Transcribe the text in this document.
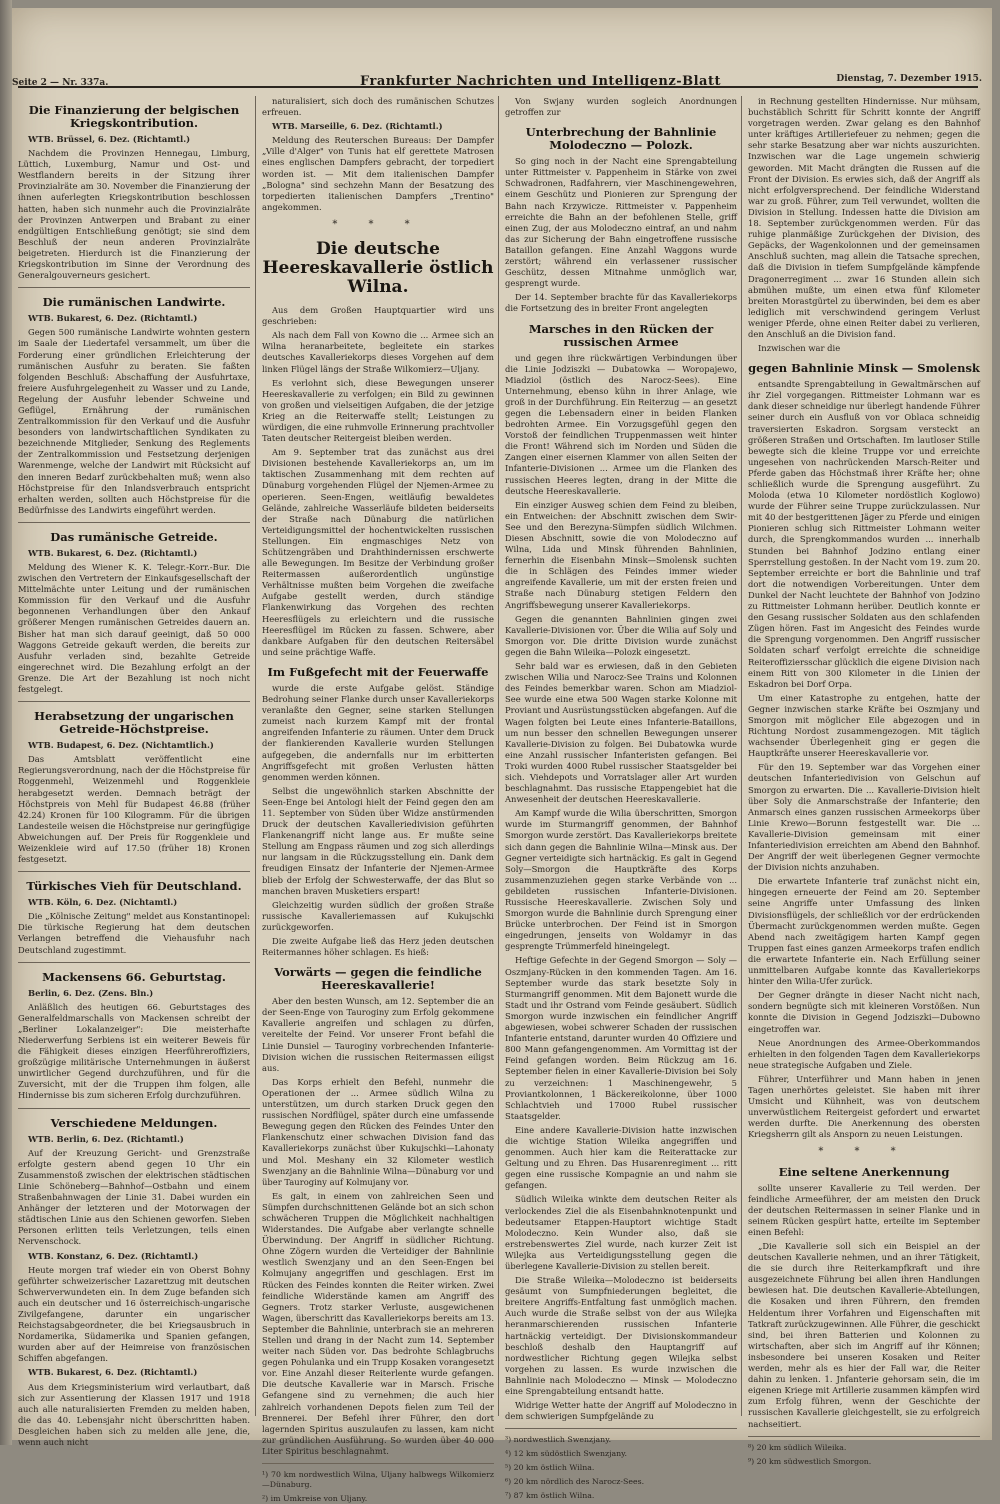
Seite 2 — Nr. 337a.	Frankfurter Nachrichten und Intelligenz-Blatt	Dienstag, 7. Dezember 1915.
Die Finanzierung der belgischen Kriegskontribution.

WTB. Brüssel, 6. Dez. (Richtamtl.)

Nachdem die Provinzen Hennegau, Limburg, Lüttich, Luxemburg, Namur und Ost- und Westflandern bereits in der Sitzung ihrer Provinzialräte am 30. November die Finanzierung der ihnen auferlegten Kriegskontribution beschlossen hatten, haben sich nunmehr auch die Provinzialräte der Provinzen Antwerpen und Brabant zu einer endgültigen Entschließung genötigt; sie sind dem Beschluß der neun anderen Provinzialräte beigetreten. Hierdurch ist die Finanzierung der Kriegskontribution im Sinne der Verordnung des Generalgouverneurs gesichert.

Die rumänischen Landwirte.

WTB. Bukarest, 6. Dez. (Richtamtl.)

Gegen 500 rumänische Landwirte wohnten gestern im Saale der Liedertafel versammelt, um über die Forderung einer gründlichen Erleichterung der rumänischen Ausfuhr zu beraten. Sie faßten folgenden Beschluß: Abschaffung der Ausfuhrtaxe, freiere Ausfuhrgelegenheit zu Wasser und zu Lande, Regelung der Ausfuhr lebender Schweine und Geflügel, Ernährung der rumänischen Zentralkommission für den Verkauf und die Ausfuhr besonders von landwirtschaftlichen Syndikaten zu bezeichnende Mitglieder, Senkung des Reglements der Zentralkommission und Festsetzung derjenigen Warenmenge, welche der Landwirt mit Rücksicht auf den inneren Bedarf zurückbehalten muß; wenn also Höchstpreise für den Inlandsverbrauch entspricht erhalten werden, sollten auch Höchstpreise für die Bedürfnisse des Landwirts eingeführt werden.

Das rumänische Getreide.

WTB. Bukarest, 6. Dez. (Richtamtl.)

Meldung des Wiener K. K. Telegr.-Korr.-Bur. Die zwischen den Vertretern der Einkaufsgesellschaft der Mittelmächte unter Leitung und der rumänischen Kommission für den Verkauf und die Ausfuhr begonnenen Verhandlungen über den Ankauf größerer Mengen rumänischen Getreides dauern an. Bisher hat man sich darauf geeinigt, daß 50 000 Waggons Getreide gekauft werden, die bereits zur Ausfuhr verladen sind, bezahlte Getreide eingerechnet wird. Die Bezahlung erfolgt an der Grenze. Die Art der Bezahlung ist noch nicht festgelegt.

Herabsetzung der ungarischen Getreide-Höchstpreise.

WTB. Budapest, 6. Dez. (Nichtamtlich.)

Das Amtsblatt veröffentlicht eine Regierungsverordnung, nach der die Höchstpreise für Roggenmehl, Weizenmehl und Roggenkleie herabgesetzt werden. Demnach beträgt der Höchstpreis von Mehl für Budapest 46.88 (früher 42.24) Kronen für 100 Kilogramm. Für die übrigen Landesteile weisen die Höchstpreise nur geringfügige Abweichungen auf. Der Preis für Roggenkleie und Weizenkleie wird auf 17.50 (früher 18) Kronen festgesetzt.

Türkisches Vieh für Deutschland.

WTB. Köln, 6. Dez. (Nichtamtl.)

Die „Kölnische Zeitung" meldet aus Konstantinopel: Die türkische Regierung hat dem deutschen Verlangen betreffend die Viehausfuhr nach Deutschland zugestimmt.

Mackensens 66. Geburtstag.

Berlin, 6. Dez. (Zens. Bln.)

Anläßlich des heutigen 66. Geburtstages des Generalfeldmarschalls von Mackensen schreibt der „Berliner Lokalanzeiger": Die meisterhafte Niederwerfung Serbiens ist ein weiterer Beweis für die Fähigkeit dieses einzigen Heerführeroffiziers, großzügige militärische Unternehmungen in äußerst unwirtlicher Gegend durchzuführen, und für die Zuversicht, mit der die Truppen ihm folgen, alle Hindernisse bis zum sicheren Erfolg durchzuführen.

Verschiedene Meldungen.

WTB. Berlin, 6. Dez. (Richtamtl.)

Auf der Kreuzung Gericht- und Grenzstraße erfolgte gestern abend gegen 10 Uhr ein Zusammenstoß zwischen der elektrischen städtischen Linie Schöneberg—Bahnhof—Ostbahn und einem Straßenbahnwagen der Linie 31. Dabei wurden ein Anhänger der letzteren und der Motorwagen der städtischen Linie aus den Schienen geworfen. Sieben Personen erlitten teils Verletzungen, teils einen Nervenschock.

WTB. Konstanz, 6. Dez. (Richtamtl.)

Heute morgen traf wieder ein von Oberst Bohny geführter schweizerischer Lazarettzug mit deutschen Schwerverwundeten ein. In dem Zuge befanden sich auch ein deutscher und 16 österreichisch-ungarische Zivilgefangene, darunter ein ungarischer Reichstagsabgeordneter, die bei Kriegsausbruch in Nordamerika, Südamerika und Spanien gefangen, wurden aber auf der Heimreise von französischen Schiffen abgefangen.

WTB. Bukarest, 6. Dez. (Richtamtl.)

Aus dem Kriegsministerium wird verlautbart, daß sich zur Assentierung der Klassen 1917 und 1918 auch alle naturalisierten Fremden zu melden haben, die das 40. Lebensjahr nicht überschritten haben. Desgleichen haben sich zu melden alle jene, die, wenn auch nicht

naturalisiert, sich doch des rumänischen Schutzes erfreuen.

WTB. Marseille, 6. Dez. (Richtamtl.)

Meldung des Reuterschen Bureaus: Der Dampfer „Ville d'Alger" von Tunis hat elf gerettete Matrosen eines englischen Dampfers gebracht, der torpediert worden ist. — Mit dem italienischen Dampfer „Bologna" sind sechzehn Mann der Besatzung des torpedierten italienischen Dampfers „Trentino" angekommen.

* * *
Die deutsche Heereskavallerie östlich Wilna.

Aus dem Großen Hauptquartier wird uns geschrieben:

Als nach dem Fall von Kowno die ... Armee sich an Wilna heranarbeitete, begleitete ein starkes deutsches Kavalleriekorps dieses Vorgehen auf dem linken Flügel längs der Straße Wilkomierz—Uljany.

Es verlohnt sich, diese Bewegungen unserer Heereskavallerie zu verfolgen; ein Bild zu gewinnen von großen und vielseitigen Aufgaben, die der jetzige Krieg an die Reiterwaffe stellt; Leistungen zu würdigen, die eine ruhmvolle Erinnerung prachtvoller Taten deutscher Reitergeist bleiben werden.

Am 9. September trat das zunächst aus drei Divisionen bestehende Kavalleriekorps an, um im taktischen Zusammenhang mit dem rechten auf Dünaburg vorgehenden Flügel der Njemen-Armee zu operieren. Seen-Engen, weitläufig bewaldetes Gelände, zahlreiche Wasserläufe bildeten beiderseits der Straße nach Dünaburg die natürlichen Verteidigungsmittel der hochentwickelten russischen Stellungen. Ein engmaschiges Netz von Schützengräben und Drahthindernissen erschwerte alle Bewegungen. Im Besitze der Verbindung großer Reitermassen außerordentlich ungünstige Verhältnisse mußten beim Vorgehen die zweifache Aufgabe gestellt werden, durch ständige Flankenwirkung das Vorgehen des rechten Heeresflügels zu erleichtern und die russische Heeresflügel im Rücken zu fassen. Schwere, aber dankbare Aufgaben für den deutschen Reitersäbel und seine prächtige Waffe.

Im Fußgefecht mit der Feuerwaffe

wurde die erste Aufgabe gelöst. Ständige Bedrohung seiner Flanke durch unser Kavalleriekorps veranlaßte den Gegner, seine starken Stellungen zumeist nach kurzem Kampf mit der frontal angreifenden Infanterie zu räumen. Unter dem Druck der flankierenden Kavallerie wurden Stellungen aufgegeben, die andernfalls nur im erbitterten Angriffsgefecht mit großen Verlusten hätten genommen werden können.

Selbst die ungewöhnlich starken Abschnitte der Seen-Enge bei Antologi hielt der Feind gegen den am 11. September von Süden über Widze anstürmenden Druck der deutschen Kavalleriedivision geführten Flankenangriff nicht lange aus. Er mußte seine Stellung am Engpass räumen und zog sich allerdings nur langsam in die Rückzugsstellung ein. Dank dem freudigen Einsatz der Infanterie der Njemen-Armee blieb der Erfolg der Schwesterwaffe, der das Blut so manchen braven Musketiers erspart!

Gleichzeitig wurden südlich der großen Straße russische Kavalleriemassen auf Kukujschki zurückgeworfen.

Die zweite Aufgabe ließ das Herz jeden deutschen Reitermannes höher schlagen. Es hieß:

Vorwärts — gegen die feindliche Heereskavallerie!

Aber den besten Wunsch, am 12. September die an der Seen-Enge von Tauroginy zum Erfolg gekommene Kavallerie angreifen und schlagen zu dürfen, vereitelte der Feind. Vor unserer Front befahl die Linie Dunsiel — Tauroginy vorbrechenden Infanterie-Division wichen die russischen Reitermassen eiligst aus.

Das Korps erhielt den Befehl, nunmehr die Operationen der ... Armee südlich Wilna zu unterstützen, um durch starken Druck gegen den russischen Nordflügel, später durch eine umfassende Bewegung gegen den Rücken des Feindes Unter den Flankenschutz einer schwachen Division fand das Kavalleriekorps zunächst über Kukujschki—Lahonaty und Mol. Meshany ein 32 Kilometer westlich Swenzjany an die Bahnlinie Wilna—Dünaburg vor und über Tauroginy auf Kolmujany vor.

Es galt, in einem von zahlreichen Seen und Sümpfen durchschnittenen Gelände bot an sich schon schwächeren Truppen die Möglichkeit nachhaltigen Widerstandes. Die Aufgabe aber verlangte schnelle Überwindung. Der Angriff in südlicher Richtung. Ohne Zögern wurden die Verteidiger der Bahnlinie westlich Swenzjany und an den Seen-Engen bei Kolmujany angegriffen und geschlagen. Erst im Rücken des Feindes konnten die Reiter wirken. Zwei feindliche Widerstände kamen am Angriff des Gegners. Trotz starker Verluste, ausgewichenen Wagen, überschritt das Kavalleriekorps bereits am 13. September die Bahnlinie, unterbrach sie an mehreren Stellen und drang in der Nacht zum 14. September weiter nach Süden vor. Das bedrohte Schlagbruchs gegen Pohulanka und ein Trupp Kosaken vorangesetzt vor. Eine Anzahl dieser Reiterlente wurde gefangen. Die deutsche Kavallerie war in Marsch. Frische Gefangene sind zu vernehmen; die auch hier zahlreich vorhandenen Depots fielen zum Teil der Brennerei. Der Befehl ihrer Führer, den dort lagernden Spiritus auszulaufen zu lassen, kam nicht zur gründlichen Ausführung. So wurden über 40 000 Liter Spiritus beschlagnahmt.

¹) 70 km nordwestlich Wilna, Uljany halbwegs Wilkomierz—Dünaburg.

²) im Umkreise von Uljany.

Von Swjany wurden sogleich Anordnungen getroffen zur

Unterbrechung der Bahnlinie Molodeczno — Polozk.

So ging noch in der Nacht eine Sprengabteilung unter Rittmeister v. Pappenheim in Stärke von zwei Schwadronen, Radfahrern, vier Maschinengewehren, einem Geschütz und Pionieren zur Sprengung der Bahn nach Krzywicze. Rittmeister v. Pappenheim erreichte die Bahn an der befohlenen Stelle, griff einen Zug, der aus Molodeczno eintraf, an und nahm das zur Sicherung der Bahn eingetroffene russische Bataillon gefangen. Eine Anzahl Waggons wurde zerstört; während ein verlassener russischer Geschütz, dessen Mitnahme unmöglich war, gesprengt wurde.

Der 14. September brachte für das Kavalleriekorps die Fortsetzung des in breiter Front angelegten

Marsches in den Rücken der russischen Armee

und gegen ihre rückwärtigen Verbindungen über die Linie Jodziszki — Dubatowka — Woropajewo, Miadziol (östlich des Narocz-Sees). Eine Unternehmung, ebenso kühn in ihrer Anlage, wie groß in der Durchführung. Ein Reiterzug — an gesetzt gegen die Lebensadern einer in beiden Flanken bedrohten Armee. Ein Vorzugsgefühl gegen den Vorstoß der feindlichen Truppenmassen weit hinter die Front! Während sich im Norden und Süden die Zangen einer eisernen Klammer von allen Seiten der Infanterie-Divisionen ... Armee um die Flanken des russischen Heeres legten, drang in der Mitte die deutsche Heereskavallerie.

Ein einziger Ausweg schien dem Feind zu bleiben, ein Entweichen: der Abschnitt zwischen dem Swir-See und den Berezyna-Sümpfen südlich Wilchmen. Diesen Abschnitt, sowie die von Molodeczno auf Wilna, Lida und Minsk führenden Bahnlinien, fernerhin die Eisenbahn Minsk—Smolensk suchten die in Schlägen des Feindes immer wieder angreifende Kavallerie, um mit der ersten freien und Straße nach Dünaburg stetigen Feldern den Angriffsbewegung unserer Kavalleriekorps.

Gegen die genannten Bahnlinien gingen zwei Kavallerie-Divisionen vor. Über die Wilia auf Soly und Smorgon vor. Die dritte Division wurde zunächst gegen die Bahn Wileika—Polozk eingesetzt.

Sehr bald war es erwiesen, daß in den Gebieten zwischen Wilia und Narocz-See Trains und Kolonnen des Feindes bemerkbar waren. Schon am Miadziol-See wurde eine etwa 500 Wagen starke Kolonne mit Proviant und Ausrüstungsstücken abgefangen. Auf die Wagen folgten bei Leute eines Infanterie-Bataillons, um nun besser den schnellen Bewegungen unserer Kavallerie-Division zu folgen. Bei Dubatowka wurde eine Anzahl russischer Infanteristen gefangen. Bei Troki wurden 4000 Rubel russischer Staatsgelder bei sich. Viehdepots und Vorratslager aller Art wurden beschlagnahmt. Das russische Etappengebiet hat die Anwesenheit der deutschen Heereskavallerie.

Am Kampf wurde die Wilia überschritten, Smorgon wurde im Sturmangriff genommen, der Bahnhof Smorgon wurde zerstört. Das Kavalleriekorps breitete sich dann gegen die Bahnlinie Wilna—Minsk aus. Der Gegner verteidigte sich hartnäckig. Es galt in Gegend Soly—Smorgon die Hauptkräfte des Korps zusammenzuziehen gegen starke Verbände von ... gebildeten russischen Infanterie-Divisionen. Russische Heereskavallerie. Zwischen Soly und Smorgon wurde die Bahnlinie durch Sprengung einer Brücke unterbrochen. Der Feind ist in Smorgon eingedrungen, jenseits von Woldamyr in das gesprengte Trümmerfeld hineingelegt.

Heftige Gefechte in der Gegend Smorgon — Soly — Oszmjany-Rücken in den kommenden Tagen. Am 16. September wurde das stark besetzte Soly in Sturmangriff genommen. Mit dem Bajonett wurde die Stadt und ihr Ostrand vom Feinde gesäubert. Südlich Smorgon wurde inzwischen ein feindlicher Angriff abgewiesen, wobei schwerer Schaden der russischen Infanterie entstand, darunter wurden 40 Offiziere und 800 Mann gefangengenommen. Am Vormittag ist der Feind gefangen worden. Beim Rückzug am 16. September fielen in einer Kavallerie-Division bei Soly zu verzeichnen: 1 Maschinengewehr, 5 Proviantkolonnen, 1 Bäckereikolonne, über 1000 Schlachtvieh und 17000 Rubel russischer Staatsgelder.

Eine andere Kavallerie-Division hatte inzwischen die wichtige Station Wileika angegriffen und genommen. Auch hier kam die Reiterattacke zur Geltung und zu Ehren. Das Husarenregiment ... ritt gegen eine russische Kompagnie an und nahm sie gefangen.

Südlich Wileika winkte dem deutschen Reiter als verlockendes Ziel die als Eisenbahnknotenpunkt und bedeutsamer Etappen-Hauptort wichtige Stadt Molodeczno. Kein Wunder also, daß sie erstrebenswertes Ziel wurde, nach kurzer Zeit ist Wilejka aus Verteidigungsstellung gegen die überlegene Kavallerie-Division zu stellen bereit.

Die Straße Wileika—Molodeczno ist beiderseits gesäumt von Sumpfniederungen begleitet, die breitere Angriffs-Entfaltung fast unmöglich machen. Auch wurde die Straße selbst von der aus Wilejka heranmarschierenden russischen Infanterie hartnäckig verteidigt. Der Divisionskommandeur beschloß deshalb den Hauptangriff auf nordwestlicher Richtung gegen Wilejka selbst vorgehen zu lassen. Es wurde inzwischen die Bahnlinie nach Molodeczno — Minsk — Molodeczno eine Sprengabteilung entsandt hatte.

Widrige Wetter hatte der Angriff auf Molodeczno in dem schwierigen Sumpfgelände zu

³) nordwestlich Swenzjany.

⁴) 12 km südöstlich Swenzjany.

⁵) 20 km östlich Wilna.

⁶) 20 km nördlich des Narocz-Sees.

⁷) 87 km östlich Wilna.

in Rechnung gestellten Hindernisse. Nur mühsam, buchstäblich Schritt für Schritt konnte der Angriff vorgetragen werden. Zwar gelang es den Bahnhof unter kräftiges Artilleriefeuer zu nehmen; gegen die sehr starke Besatzung aber war nichts auszurichten. Inzwischen war die Lage ungemein schwierig geworden. Mit Macht drängten die Russen auf die Front der Division. Es erwies sich, daß der Angriff als nicht erfolgversprechend. Der feindliche Widerstand war zu groß. Führer, zum Teil verwundet, wollten die Division in Stellung. Indessen hatte die Division am 18. September zurückgenommen werden. Für das ruhige planmäßige Zurückgehen der Division, des Gepäcks, der Wagenkolonnen und der gemeinsamen Anschluß suchten, mag allein die Tatsache sprechen, daß die Division in tiefem Sumpfgelände kämpfende Dragonerregiment ... zwar 16 Stunden allein sich abmühen mußte, um einen etwa fünf Kilometer breiten Morastgürtel zu überwinden, bei dem es aber lediglich mit verschwindend geringem Verlust weniger Pferde, ohne einen Reiter dabei zu verlieren, den Anschluß an die Division fand.

Inzwischen war die

gegen Bahnlinie Minsk — Smolensk

entsandte Sprengabteilung in Gewaltmärschen auf ihr Ziel vorgegangen. Rittmeister Lohmann war es dank dieser schneidige nur überlegt handende Führer seiner durch ein Ausfluß von vor Oblaca schneidig traversierten Eskadron. Sorgsam versteckt an größeren Straßen und Ortschaften. Im lautloser Stille bewegte sich die kleine Truppe vor und erreichte ungesehen von nachrückenden Marsch-Reiter und Pferde gaben das Höchstmaß ihrer Kräfte her; ohne schließlich wurde die Sprengung ausgeführt. Zu Moloda (etwa 10 Kilometer nordöstlich Koglowo) wurde der Führer seine Truppe zurückzulassen. Nur mit 40 der bestgerittenen Jäger zu Pferde und einigen Pionieren schlug sich Rittmeister Lohmann weiter durch, die Sprengkommandos wurden ... innerhalb Stunden bei Bahnhof Jodzino entlang einer Sperrstellung gestoßen. In der Nacht vom 19. zum 20. September erreichte er bort die Bahnlinie und traf dort die notwendigen Vorbereitungen. Unter dem Dunkel der Nacht leuchtete der Bahnhof von Jodzino zu Rittmeister Lohmann herüber. Deutlich konnte er den Gesang russischer Soldaten aus den schlafenden Zügen hören. Fast im Angesicht des Feindes wurde die Sprengung vorgenommen. Den Angriff russischer Soldaten scharf verfolgt erreichte die schneidige Reiteroffiziersschar glücklich die eigene Division nach einem Ritt von 300 Kilometer in die Linien der Eskadron bei Dorf Orpa.

Um einer Katastrophe zu entgehen, hatte der Gegner inzwischen starke Kräfte bei Oszmjany und Smorgon mit möglicher Eile abgezogen und in Richtung Nordost zusammengezogen. Mit täglich wachsender Überlegenheit ging er gegen die Hauptkräfte unserer Heereskavallerie vor.

Für den 19. September war das Vorgehen einer deutschen Infanteriedivision von Gelschun auf Smorgon zu erwarten. Die ... Kavallerie-Division hielt über Soly die Anmarschstraße der Infanterie; den Anmarsch eines ganzen russischen Armeekorps über Linie Krewo—Borunn festgestellt war. Die ... Kavallerie-Division gemeinsam mit einer Infanteriedivision erreichten am Abend den Bahnhof. Der Angriff der weit überlegenen Gegner vermochte der Division nichts anzuhaben.

Die erwartete Infanterie traf zunächst nicht ein, hingegen erneuerte der Feind am 20. September seine Angriffe unter Umfassung des linken Divisionsflügels, der schließlich vor der erdrückenden Übermacht zurückgenommen werden mußte. Gegen Abend nach zweitägigem harten Kampf gegen Truppen fast eines ganzen Armeekorps trafen endlich die erwartete Infanterie ein. Nach Erfüllung seiner unmittelbaren Aufgabe konnte das Kavalleriekorps hinter den Wilia-Ufer zurück.

Der Gegner drängte in dieser Nacht nicht nach, sondern begnügte sich mit kleineren Vorstößen. Nun konnte die Division in Gegend Jodziszki—Dubowno eingetroffen war.

Neue Anordnungen des Armee-Oberkommandos erhielten in den folgenden Tagen dem Kavalleriekorps neue strategische Aufgaben und Ziele.

Führer, Unterführer und Mann haben in jenen Tagen unerhörtes geleistet. Sie haben mit ihrer Umsicht und Kühnheit, was von deutschem unverwüstlichem Reitergeist gefordert und erwartet werden durfte. Die Anerkennung des obersten Kriegsherrn gilt als Ansporn zu neuen Leistungen.

* * *
Eine seltene Anerkennung

sollte unserer Kavallerie zu Teil werden. Der feindliche Armeeführer, der am meisten den Druck der deutschen Reitermassen in seiner Flanke und in seinem Rücken gespürt hatte, erteilte im September einen Befehl:

„Die Kavallerie soll sich ein Beispiel an der deutschen Kavallerie nehmen, und an ihrer Tätigkeit, die sie durch ihre Reiterkampfkraft und ihre ausgezeichnete Führung bei allen ihren Handlungen bewiesen hat. Die deutschen Kavallerie-Abteilungen, die Kosaken und ihren Führern, den fremden Heldentum ihrer Vorfahren und Eigenschaften mit Tatkraft zurückzugewinnen. Alle Führer, die geschickt sind, bei ihren Batterien und Kolonnen zu wirtschaften, aber sich im Angriff auf ihr Können; insbesondere bei unseren Kosaken und Reiter werden, mehr als es hier der Fall war, die Reiter dahin zu lenken. 1. Jnfanterie gehorsam sein, die im eigenen Kriege mit Artillerie zusammen kämpfen wird zum Erfolg führen, wenn der Geschichte der russischen Kavallerie gleichgestellt, sie zu erfolgreich nachseitiert.

⁸) 20 km südlich Wileika.

⁹) 20 km südwestlich Smorgon.
